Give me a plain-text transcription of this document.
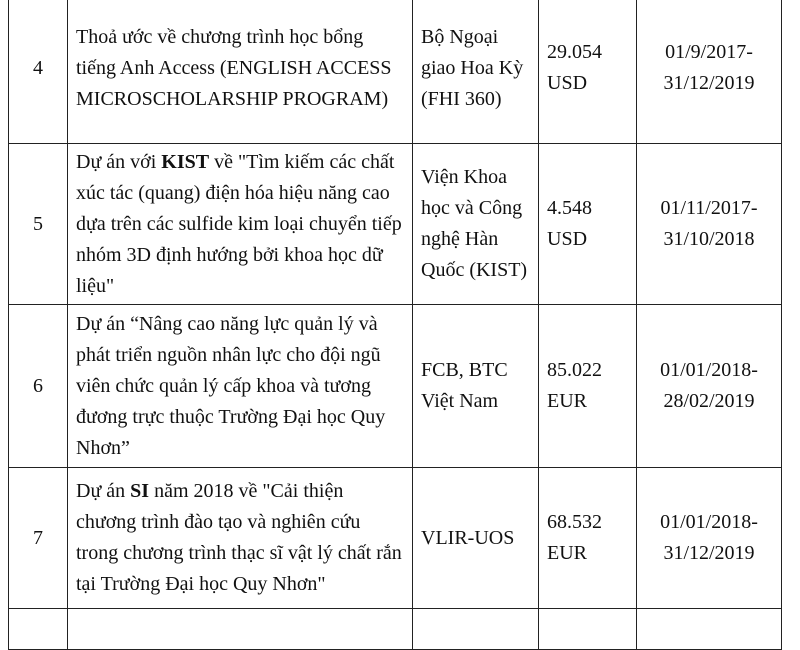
4	Thoả ước về chương trình học bổng tiếng Anh Access (ENGLISH ACCESS MICROSCHOLARSHIP PROGRAM)	Bộ Ngoại giao Hoa Kỳ (FHI 360)	29.054 USD	01/9/2017-
31/12/2019

5	Dự án với KIST về "Tìm kiếm các chất xúc tác (quang) điện hóa hiệu năng cao dựa trên các sulfide kim loại chuyển tiếp nhóm 3D định hướng bởi khoa học dữ liệu"	Viện Khoa học và Công nghệ Hàn Quốc (KIST)	4.548 USD	01/11/2017-
31/10/2018

6	Dự án “Nâng cao năng lực quản lý và phát triển nguồn nhân lực cho đội ngũ viên chức quản lý cấp khoa và tương đương trực thuộc Trường Đại học Quy Nhơn”	FCB, BTC Việt Nam	85.022 EUR	01/01/2018-
28/02/2019

7	Dự án SI năm 2018 về "Cải thiện chương trình đào tạo và nghiên cứu trong chương trình thạc sĩ vật lý chất rắn tại Trường Đại học Quy Nhơn"	VLIR-UOS	68.532 EUR	01/01/2018-
31/12/2019
